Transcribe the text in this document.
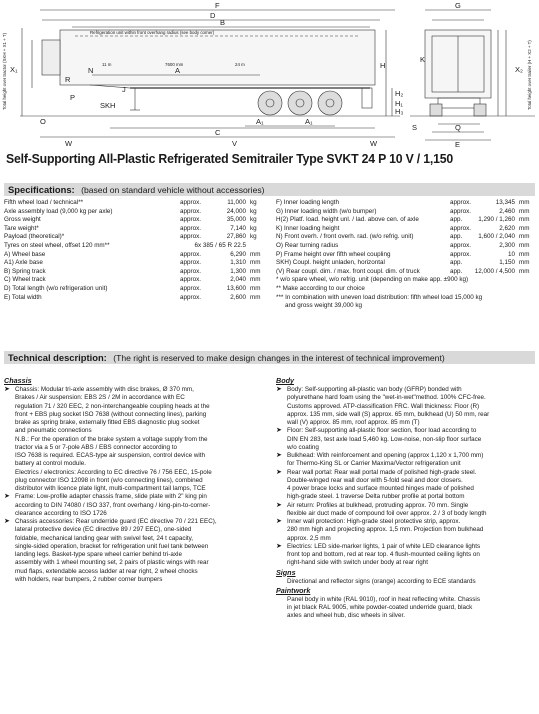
F
D
B
A
G
X₁	X₂
N
R
P
H
H₁
H₂
H₃
J
SKH
O
W	W
C
V
A₁	A₁
K
S	Q
E
Refrigeration unit within front overhang radius (see body corner)
11 m	7600 mm	24 m
Total height over tractor (SKH + X1 + T)	Total height over trailer (H + X2 + T)
Self-Supporting All-Plastic Refrigerated Semitrailer Type SVKT 24 P 10 V / 1,150
Specifications: (based on standard vehicle without accessories)
Fifth wheel load / technical**	approx.	11,000 kg
Axle assembly load (9,000 kg per axle)	approx.	24,000 kg
Gross weight	approx.	35,000 kg
Tare weight*	approx.	7,140 kg
Payload (theoretical)*	approx.	27,860 kg
Tyres on steel wheel, offset 120 mm**	6x 385 / 65 R 22.5
A) Wheel base	approx.	6,290 mm
A1) Axle base	approx.	1,310 mm
B) Spring track	approx.	1,300 mm
C) Wheel track	approx.	2,040 mm
D) Total length (w/o refrigeration unit)	approx.	13,600 mm
E) Total width	approx.	2,600 mm
F) Inner loading length	approx.	13,345 mm
G) Inner loading width (w/o bumper)	approx.	2,460 mm
H(2) Platf. load. height unl. / lad. above cen. of axle	app.	1,290 / 1,260 mm
K) Inner loading height	approx.	2,620 mm
N) Front overh. / front overh. rad. (w/o refrig. unit)	app.	1,600 / 2,040 mm
O) Rear turning radius	approx.	2,300 mm
P) Frame height over fifth wheel coupling	approx.	10 mm
SKH) Coupl. height unladen, horizontal	app.	1,150 mm
(V) Rear coupl. dim. / max. front coupl. dim. of truck	app. 12,000 / 4,500 mm
* w/o spare wheel, w/o refrig. unit (depending on make app. ±900 kg)
** Make according to our choice
*** In combination with uneven load distribution: fifth wheel load 15,000 kg
and gross weight 39,000 kg
Technical description: (The right is reserved to make design changes in the interest of technical improvement)
Chassis
➤ Chassis: Modular tri-axle assembly with disc brakes, Ø 370 mm,
Brakes / Air suspension: EBS 2S / 2M in accordance with EC
regulation 71 / 320 EEC, 2 non-interchangeable coupling heads at the
front + EBS plug socket ISO 7638 (without connecting lines), parking
brake as spring brake, externally fitted EBS diagnostic plug socket
and pneumatic connections
N.B.: For the operation of the brake system a voltage supply from the
tractor via a 5 or 7-pole ABS / EBS connector according to
ISO 7638 is required. ECAS-type air suspension, control device with
battery at control module.
Electrics / electronics: According to EC directive 76 / 756 EEC, 15-pole
plug connector ISO 12098 in front (w/o connecting lines), combined
distributor with licence plate light, multi-compartment tail lamps, TCE
➤ Frame: Low-profile adapter chassis frame, slide plate with 2" king pin
according to DIN 74080 / ISO 337, front overhang / king-pin-to-corner-
clearance according to ISO 1726
➤ Chassis accessories: Rear underride guard (EC directive 70 / 221 EEC),
lateral protective device (EC directive 89 / 297 EEC), one-sided
foldable, mechanical landing gear with swivel feet, 24 t capacity,
single-sided operation, bracket for refrigeration unit fuel tank between
landing legs. Basket-type spare wheel carrier behind tri-axle
assembly with 1 wheel mounting set, 2 pairs of plastic wings with rear
mud flaps, extendable access ladder at rear right, 2 wheel chocks
with holders, rear bumpers, 2 rubber corner bumpers
Body
➤ Body: Self-supporting all-plastic van body (GFRP) bonded with
polyurethane hard foam using the "wet-in-wet"method. 100% CFC-free.
Customs approved. ATP-classification FRC. Wall thickness: Floor (R)
approx. 135 mm, side wall (S) approx. 65 mm, bulkhead (U) 50 mm, rear
wall (V) approx. 85 mm, roof approx. 85 mm (T)
➤ Floor: Self-supporting all-plastic floor section, floor load according to
DIN EN 283, test axle load 5,460 kg. Low-noise, non-slip floor surface
w/o coating
➤ Bulkhead: With reinforcement and opening (approx 1,120 x 1,700 mm)
for Thermo-King SL or Carrier Maxima/Vector refrigeration unit
➤ Rear wall portal: Rear wall portal made of polished high-grade steel.
Double-winged rear wall door with 5-fold seal and door closers.
4 power brace locks and surface mounted hinges made of polished
high-grade steel. 1 traverse Delta rubber profile at portal bottom
➤ Air return: Profiles at bulkhead, protruding approx. 70 mm. Single
flexible air duct made of compound foil over approx. 2 / 3 of body length
➤ Inner wall protection: High-grade steel protective strip, approx.
280 mm high and projecting approx. 1,5 mm. Projection from bulkhead
approx. 2,5 mm
➤ Electrics: LED side-marker lights, 1 pair of white LED clearance lights
front top and bottom, red at rear top. 4 flush-mounted ceiling lights on
right-hand side with switch under body at rear right
Signs
Directional and reflector signs (orange) according to ECE standards
Paintwork
Panel body in white (RAL 9010), roof in heat reflecting white. Chassis
in jet black RAL 9005, white powder-coated underride guard, black
axles and wheel hub, disc wheels in silver.
